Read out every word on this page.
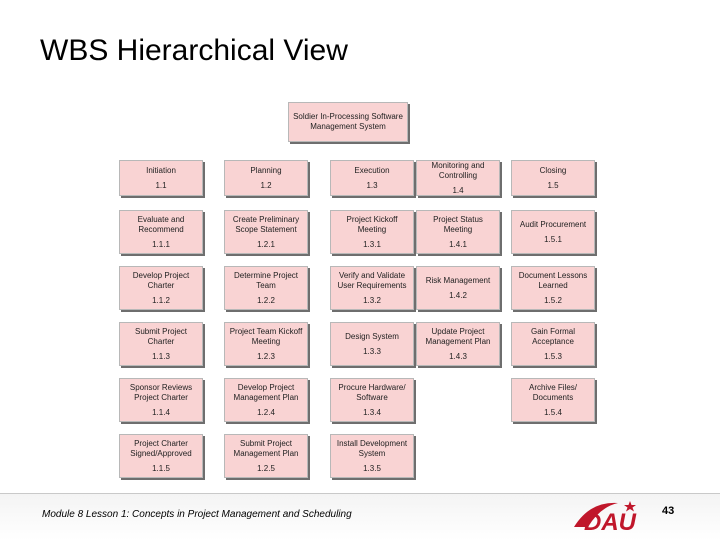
WBS Hierarchical View
Soldier In-Processing Software Management System
Initiation
1.1
Evaluate and Recommend
1.1.1
Develop Project Charter
1.1.2
Submit Project Charter
1.1.3
Sponsor Reviews Project Charter
1.1.4
Project Charter Signed/Approved
1.1.5
Planning
1.2
Create Preliminary Scope Statement
1.2.1
Determine Project Team
1.2.2
Project Team Kickoff Meeting
1.2.3
Develop Project Management Plan
1.2.4
Submit Project Management Plan
1.2.5
Execution
1.3
Project Kickoff Meeting
1.3.1
Verify and Validate User Requirements
1.3.2
Design System
1.3.3
Procure Hardware/ Software
1.3.4
Install Development System
1.3.5
Monitoring and Controlling
1.4
Project Status Meeting
1.4.1
Risk Management
1.4.2
Update Project Management Plan
1.4.3
Closing
1.5
Audit Procurement
1.5.1
Document Lessons Learned
1.5.2
Gain Formal Acceptance
1.5.3
Archive Files/ Documents
1.5.4
Module 8 Lesson 1: Concepts in Project Management and Scheduling	DAU 43
